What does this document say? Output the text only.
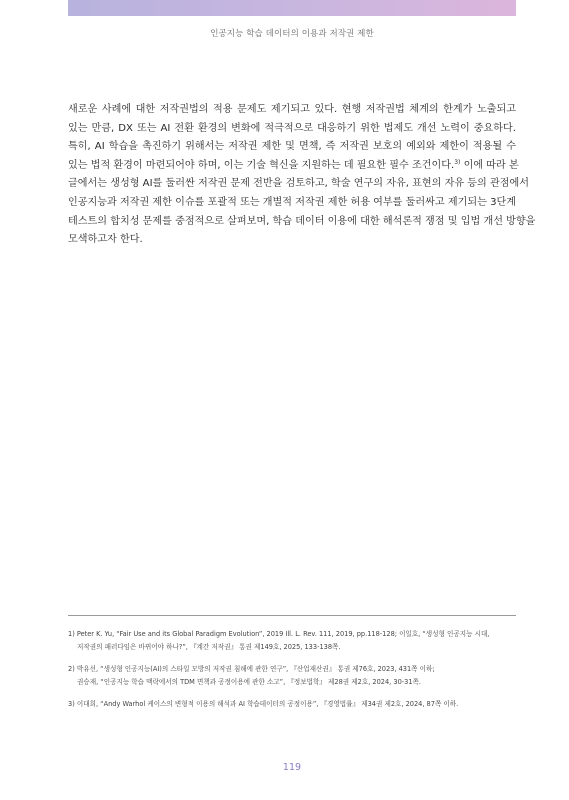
인공지능 학습 데이터의 이용과 저작권 제한
새로운 사례에 대한 저작권법의 적용 문제도 제기되고 있다. 현행 저작권법 체계의 한계가 노출되고
있는 만큼, DX 또는 AI 전환 환경의 변화에 적극적으로 대응하기 위한 법제도 개선 노력이 중요하다.
특히, AI 학습을 촉진하기 위해서는 저작권 제한 및 면책, 즉 저작권 보호의 예외와 제한이 적용될 수
있는 법적 환경이 마련되어야 하며, 이는 기술 혁신을 지원하는 데 필요한 필수 조건이다.$^{3)}$ 이에 따라 본
글에서는 생성형 AI를 둘러싼 저작권 문제 전반을 검토하고, 학술 연구의 자유, 표현의 자유 등의 관점에서
인공지능과 저작권 제한 이슈를 포괄적 또는 개별적 저작권 제한 허용 여부를 둘러싸고 제기되는 3단계
테스트의 합치성 문제를 중점적으로 살펴보며, 학습 데이터 이용에 대한 해석론적 쟁점 및 입법 개선 방향을
모색하고자 한다.

1) Peter K. Yu, “Fair Use and its Global Paradigm Evolution”, 2019 Ill. L. Rev. 111, 2019, pp.118-128; 이일호, “생성형 인공지능 시대,
저작권의 패러다임은 바뀌어야 하나?”, 『계간 저작권』 통권 제149호, 2025, 133-138쪽.

2) 박유선, “생성형 인공지능(AI)의 스타일 모방의 저작권 침해에 관한 연구”, 『산업재산권』 통권 제76호, 2023, 431쪽 이하;
권승재, “인공지능 학습 맥락에서의 TDM 면책과 공정이용에 관한 소고”, 『정보법학』 제28권 제2호, 2024, 30-31쪽.

3) 이대희, “Andy Warhol 케이스의 변형적 이용의 해석과 AI 학습데이터의 공정이용”, 『경영법률』 제34권 제2호, 2024, 87쪽 이하.

119
